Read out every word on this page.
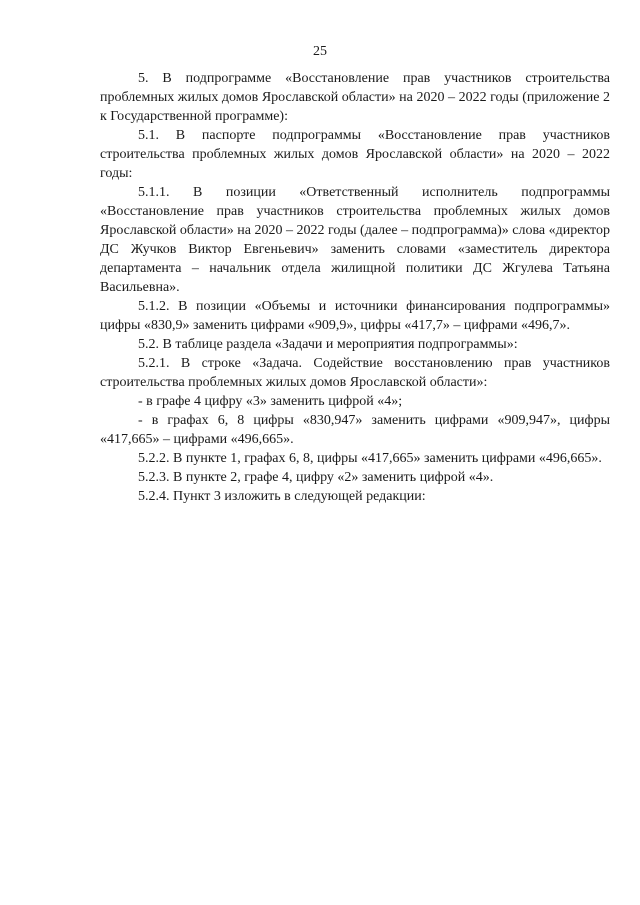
25

5. В подпрограмме «Восстановление прав участников строительства проблемных жилых домов Ярославской области» на 2020 – 2022 годы (приложение 2 к Государственной программе):

5.1. В паспорте подпрограммы «Восстановление прав участников строительства проблемных жилых домов Ярославской области» на 2020 – 2022 годы:

5.1.1. В позиции «Ответственный исполнитель подпрограммы «Восстановление прав участников строительства проблемных жилых домов Ярославской области» на 2020 – 2022 годы (далее – подпрограмма)» слова «директор ДС Жучков Виктор Евгеньевич» заменить словами «заместитель директора департамента – начальник отдела жилищной политики ДС Жгулева Татьяна Васильевна».

5.1.2. В позиции «Объемы и источники финансирования подпрограммы» цифры «830,9» заменить цифрами «909,9», цифры «417,7» – цифрами «496,7».

5.2. В таблице раздела «Задачи и мероприятия подпрограммы»:

5.2.1. В строке «Задача. Содействие восстановлению прав участников строительства проблемных жилых домов Ярославской области»:

- в графе 4 цифру «3» заменить цифрой «4»;

- в графах 6, 8 цифры «830,947» заменить цифрами «909,947», цифры «417,665» – цифрами «496,665».

5.2.2. В пункте 1, графах 6, 8, цифры «417,665» заменить цифрами «496,665».

5.2.3. В пункте 2, графе 4, цифру «2» заменить цифрой «4».

5.2.4. Пункт 3 изложить в следующей редакции:
